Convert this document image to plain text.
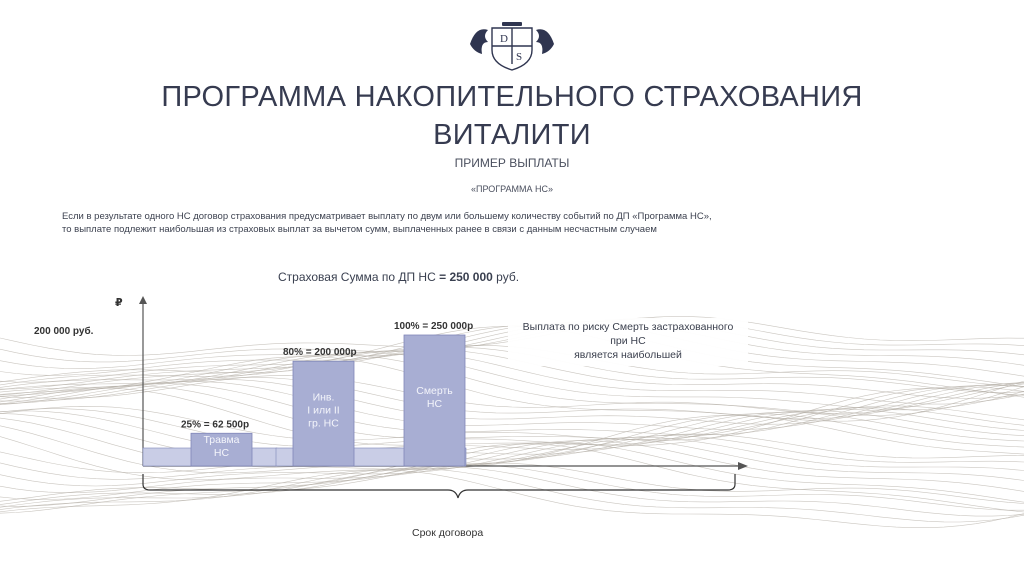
D
S
ПРОГРАММА НАКОПИТЕЛЬНОГО СТРАХОВАНИЯ
ВИТАЛИТИ
ПРИМЕР ВЫПЛАТЫ
«ПРОГРАММА НС»
Если в результате одного НС договор страхования предусматривает выплату по двум или большему количеству событий по ДП «Программа НС»,
то выплате подлежит наибольшая из страховых выплат за вычетом сумм, выплаченных ранее в связи с данным несчастным случаем
Страховая Сумма по ДП НС = 250 000 руб.
₽
200 000 руб.	Выплата по риску Смерть застрахованного
при НС
является наибольшей
25% = 62 500р
Травма
НС
80% = 200 000р
Инв.
I или II
гр. НС
100% = 250 000р
Смерть
НС
Срок договора
